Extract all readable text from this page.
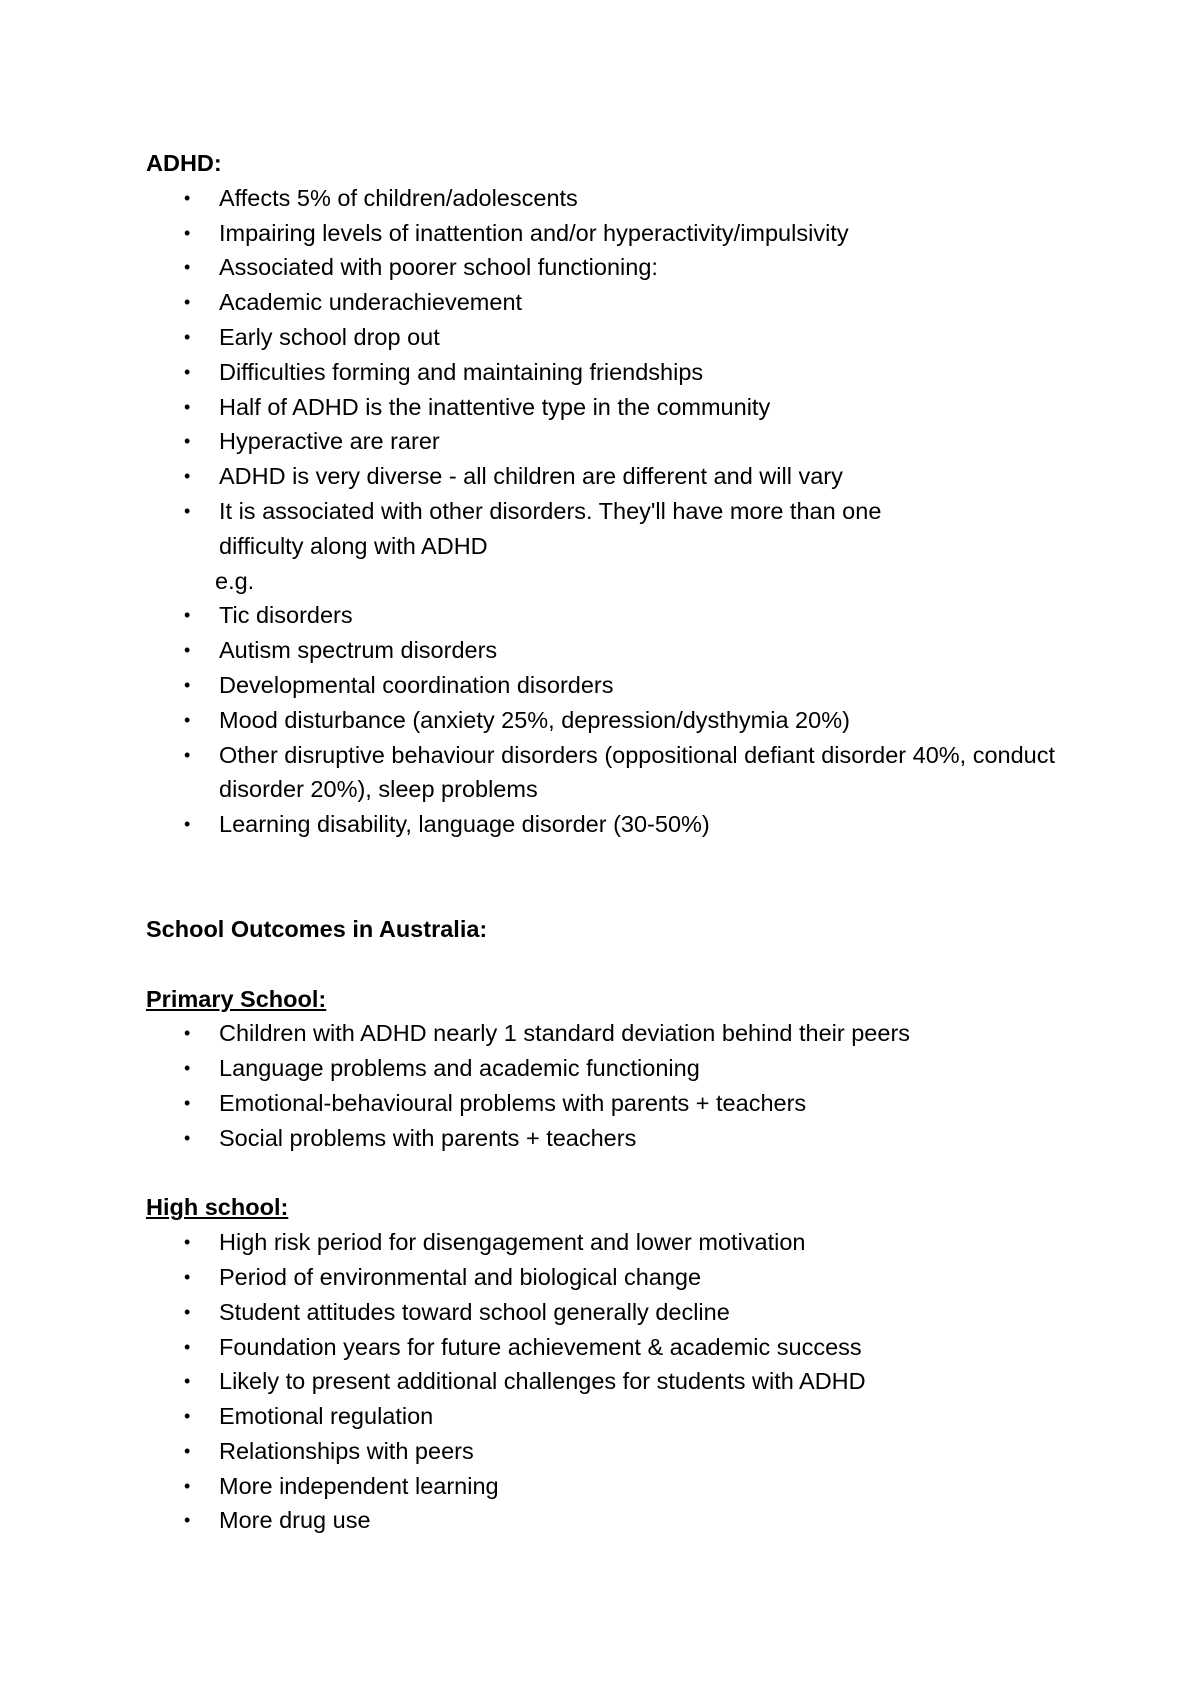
ADHD:
• Affects 5% of children/adolescents
• Impairing levels of inattention and/or hyperactivity/impulsivity
• Associated with poorer school functioning:
• Academic underachievement
• Early school drop out
• Difficulties forming and maintaining friendships
• Half of ADHD is the inattentive type in the community
• Hyperactive are rarer
• ADHD is very diverse - all children are different and will vary
• It is associated with other disorders. They'll have more than one difficulty along with ADHD
e.g.
• Tic disorders
• Autism spectrum disorders
• Developmental coordination disorders
• Mood disturbance (anxiety 25%, depression/dysthymia 20%)
• Other disruptive behaviour disorders (oppositional defiant disorder 40%, conduct disorder 20%), sleep problems
• Learning disability, language disorder (30-50%)
School Outcomes in Australia:
Primary School:
• Children with ADHD nearly 1 standard deviation behind their peers
• Language problems and academic functioning
• Emotional-behavioural problems with parents + teachers
• Social problems with parents + teachers
High school:
• High risk period for disengagement and lower motivation
• Period of environmental and biological change
• Student attitudes toward school generally decline
• Foundation years for future achievement & academic success
• Likely to present additional challenges for students with ADHD
• Emotional regulation
• Relationships with peers
• More independent learning
• More drug use
